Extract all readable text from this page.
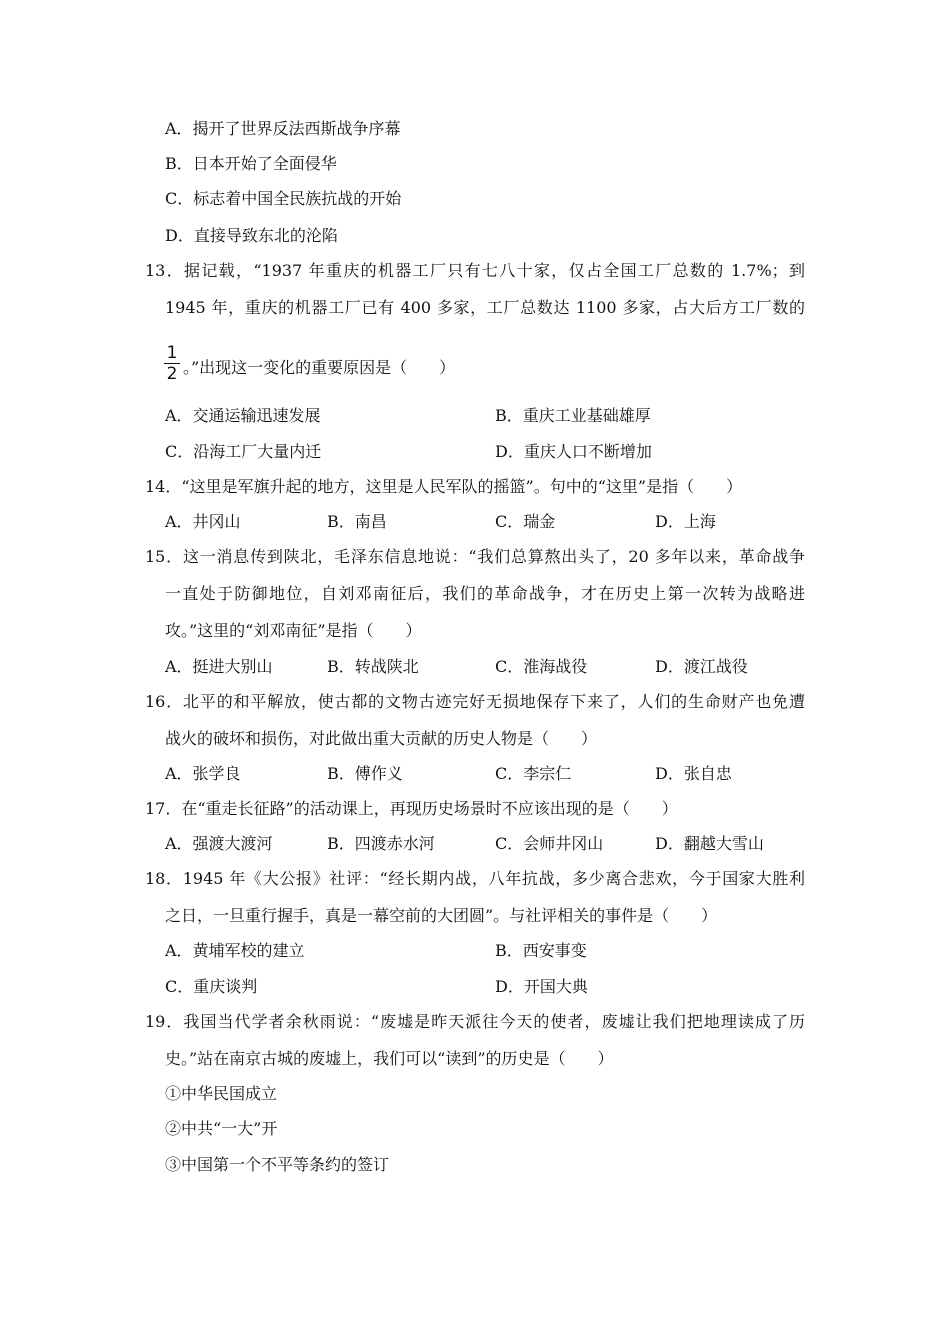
A．揭开了世界反法西斯战争序幕
B．日本开始了全面侵华
C．标志着中国全民族抗战的开始
D．直接导致东北的沦陷
13．据记载，“1937 年重庆的机器工厂只有七八十家，仅占全国工厂总数的 1.7%；到
1945 年，重庆的机器工厂已有 400 多家，工厂总数达 1100 多家，占大后方工厂数的
1
2 。”出现这一变化的重要原因是（　　）
A．交通运输迅速发展	B．重庆工业基础雄厚
C．沿海工厂大量内迁	D．重庆人口不断增加
14．“这里是军旗升起的地方，这里是人民军队的摇篮”。句中的“这里”是指（　　）
A．井冈山	B．南昌	C．瑞金	D．上海
15．这一消息传到陕北，毛泽东信息地说：“我们总算熬出头了，20 多年以来，革命战争
一直处于防御地位，自刘邓南征后，我们的革命战争，才在历史上第一次转为战略进
攻。”这里的“刘邓南征”是指（　　）
A．挺进大别山	B．转战陕北	C．淮海战役	D．渡江战役
16．北平的和平解放，使古都的文物古迹完好无损地保存下来了，人们的生命财产也免遭
战火的破坏和损伤，对此做出重大贡献的历史人物是（　　）
A．张学良	B．傅作义	C．李宗仁	D．张自忠
17．在“重走长征路”的活动课上，再现历史场景时不应该出现的是（　　）
A．强渡大渡河	B．四渡赤水河	C．会师井冈山	D．翻越大雪山
18．1945 年《大公报》社评：“经长期内战，八年抗战，多少离合悲欢，今于国家大胜利
之日，一旦重行握手，真是一幕空前的大团圆”。与社评相关的事件是（　　）
A．黄埔军校的建立	B．西安事变
C．重庆谈判	D．开国大典
19．我国当代学者余秋雨说：“废墟是昨天派往今天的使者，废墟让我们把地理读成了历
史。”站在南京古城的废墟上，我们可以“读到”的历史是（　　）
①中华民国成立
②中共“一大”开
③中国第一个不平等条约的签订
